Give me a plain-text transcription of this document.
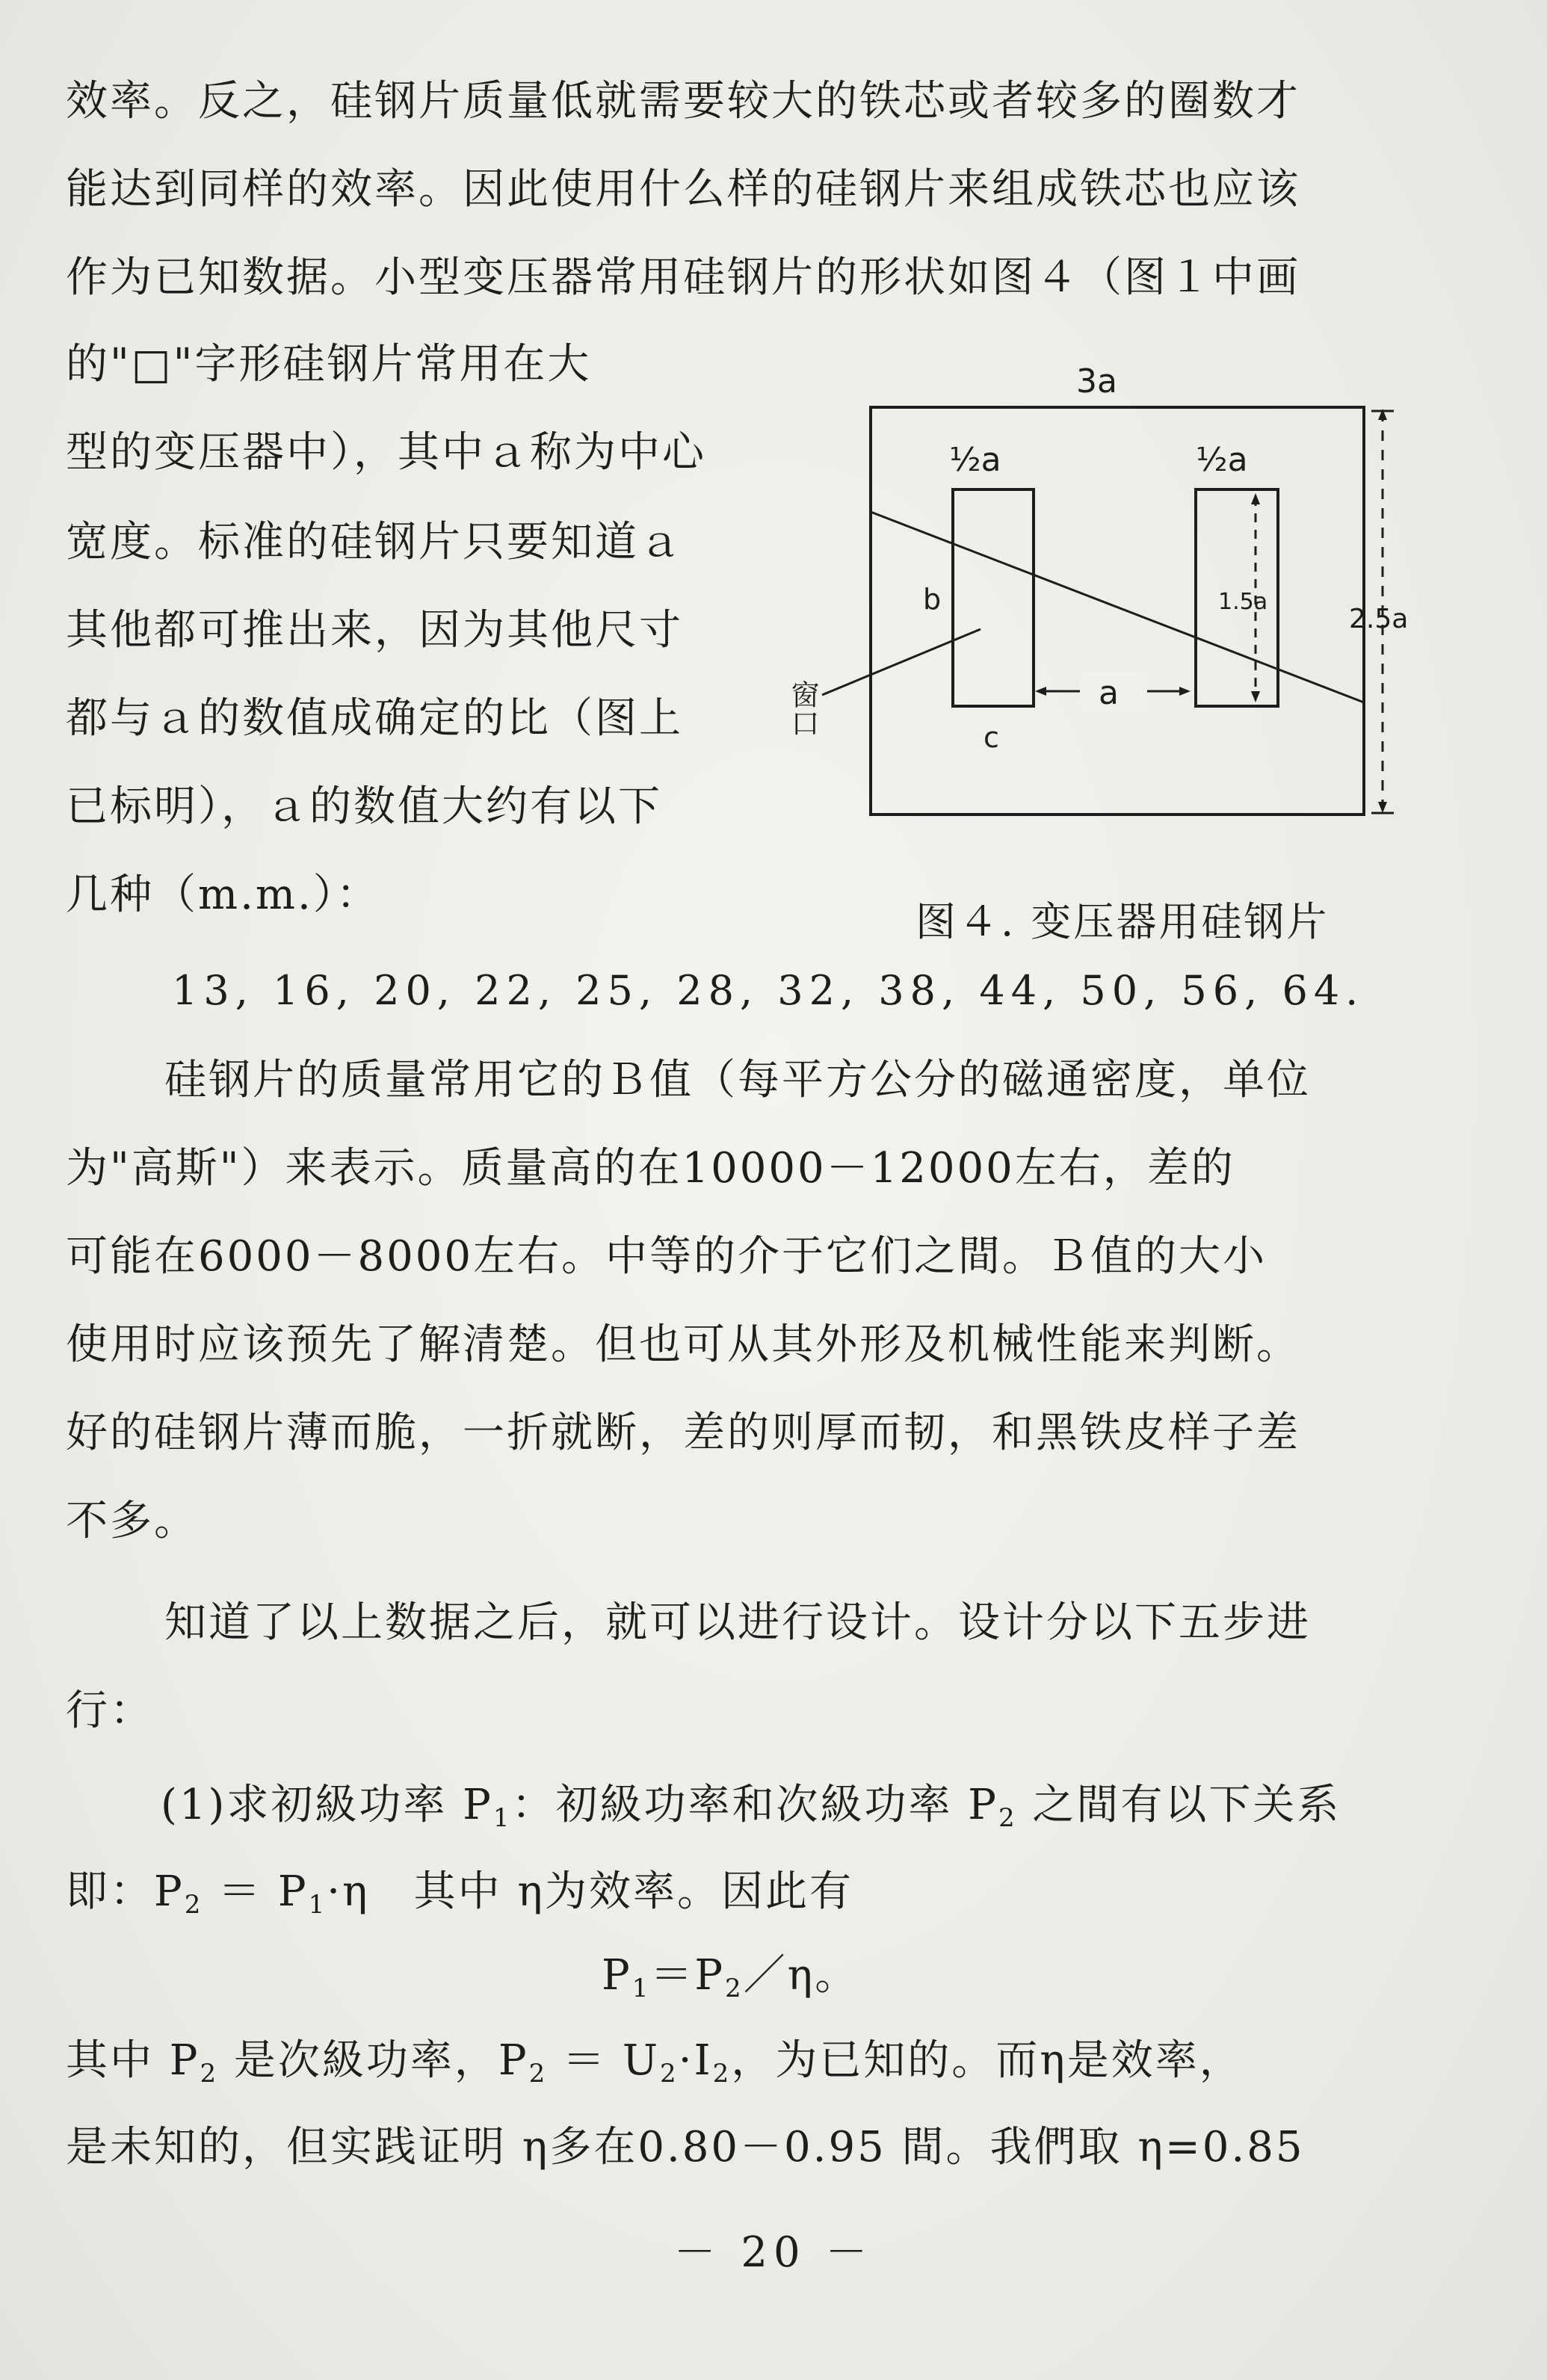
效率。反之，硅钢片质量低就需要较大的铁芯或者较多的圈数才
能达到同样的效率。因此使用什么样的硅钢片来组成铁芯也应该
作为已知数据。小型变压器常用硅钢片的形状如图４（图１中画
的"□"字形硅钢片常用在大
型的变压器中），其中ａ称为中心
宽度。标准的硅钢片只要知道ａ
其他都可推出来，因为其他尺寸
都与ａ的数值成确定的比（图上
已标明），ａ的数值大约有以下
几种（m.m.）：
3a
½a	½a
1.5a
2.5a
a
b
c
窗口
图４. 变压器用硅钢片
13, 16, 20, 22, 25, 28, 32, 38, 44, 50, 56, 64.
硅钢片的质量常用它的Ｂ值（每平方公分的磁通密度，单位
为"高斯"）来表示。质量高的在10000－12000左右，差的
可能在6000－8000左右。中等的介于它们之間。Ｂ值的大小
使用时应该预先了解清楚。但也可从其外形及机械性能来判断。
好的硅钢片薄而脆，一折就断，差的则厚而韧，和黑铁皮样子差
不多。
知道了以上数据之后，就可以进行设计。设计分以下五步进
行：
(1)求初級功率 $P_1$：初級功率和次級功率 $P_2$ 之間有以下关系
即：$P_2 = P_1\cdot\eta$　其中 η为效率。因此有
$P_1=P_2/\eta$。
其中 $P_2$ 是次級功率，$P_2 = U_2\cdot I_2$，为已知的。而η是效率，
是未知的，但实践证明 η多在0.80－0.95 間。我們取 η=0.85
－ 20 －
